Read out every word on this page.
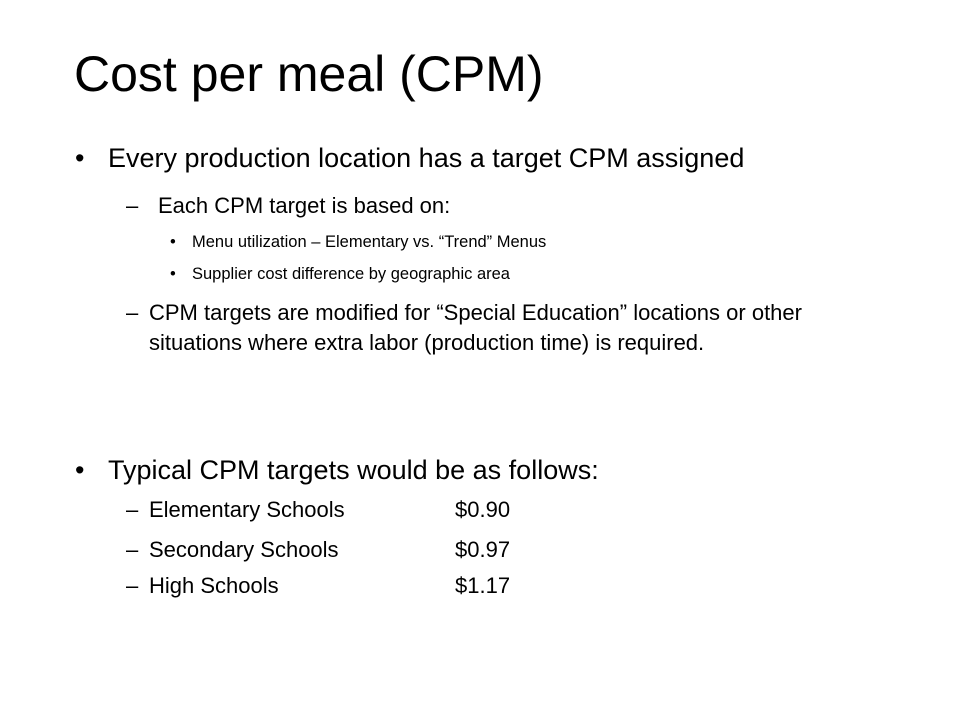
Cost per meal (CPM)
• Every production location has a target CPM assigned
– Each CPM target is based on:
• Menu utilization – Elementary vs. “Trend” Menus
• Supplier cost difference by geographic area
– CPM targets are modified for “Special Education” locations or other situations where extra labor (production time) is required.
• Typical CPM targets would be as follows:
– Elementary Schools	$0.90
– Secondary Schools	$0.97
– High Schools	$1.17
